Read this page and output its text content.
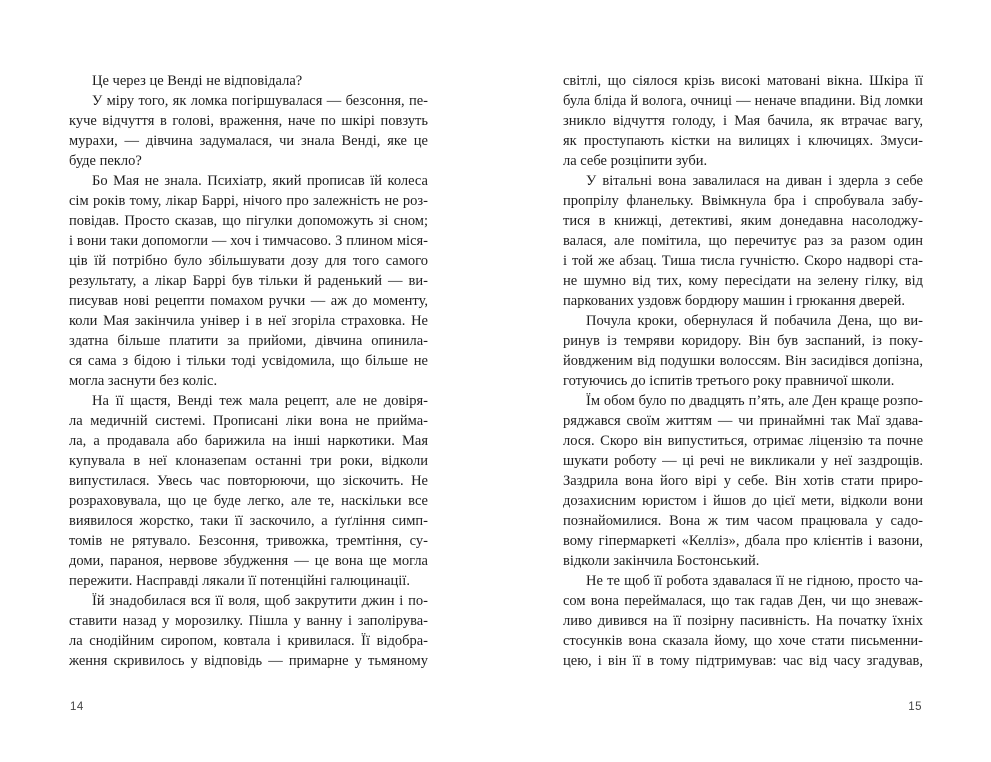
Це через це Венді не відповідала?
У міру того, як ломка погіршувалася — безсоння, пе-
куче відчуття в голові, враження, наче по шкірі повзуть
мурахи, — дівчина задумалася, чи знала Венді, яке це
буде пекло?
Бо Мая не знала. Психіатр, який прописав їй колеса
сім років тому, лікар Баррі, нічого про залежність не роз-
повідав. Просто сказав, що пігулки допоможуть зі сном;
і вони таки допомогли — хоч і тимчасово. З плином міся-
ців їй потрібно було збільшувати дозу для того самого
результату, а лікар Баррі був тільки й раденький — ви-
писував нові рецепти помахом ручки — аж до моменту,
коли Мая закінчила універ і в неї згоріла страховка. Не
здатна більше платити за прийоми, дівчина опинила-
ся сама з бідою і тільки тоді усвідомила, що більше не
могла заснути без коліс.
На її щастя, Венді теж мала рецепт, але не довіря-
ла медичній системі. Прописані ліки вона не прийма-
ла, а продавала або барижила на інші наркотики. Мая
купувала в неї клоназепам останні три роки, відколи
випустилася. Увесь час повторюючи, що зіскочить. Не
розраховувала, що це буде легко, але те, наскільки все
виявилося жорстко, таки її заскочило, а ґуґління симп-
томів не рятувало. Безсоння, тривожка, тремтіння, су-
доми, параноя, нервове збудження — це вона ще могла
пережити. Насправді лякали її потенційні галюцинації.
Їй знадобилася вся її воля, щоб закрутити джин і по-
ставити назад у морозилку. Пішла у ванну і заполірува-
ла снодійним сиропом, ковтала і кривилася. Її відобра-
ження скривилось у відповідь — примарне у тьмяному
14
світлі, що сіялося крізь високі матовані вікна. Шкіра її
була бліда й волога, очниці — неначе впадини. Від ломки
зникло відчуття голоду, і Мая бачила, як втрачає вагу,
як проступають кістки на вилицях і ключицях. Змуси-
ла себе розціпити зуби.
У вітальні вона завалилася на диван і здерла з себе
пропрілу фланельку. Ввімкнула бра і спробувала забу-
тися в книжці, детективі, яким донедавна насолоджу-
валася, але помітила, що перечитує раз за разом один
і той же абзац. Тиша тисла гучністю. Скоро надворі ста-
не шумно від тих, кому пересідати на зелену гілку, від
паркованих уздовж бордюру машин і грюкання дверей.
Почула кроки, обернулася й побачила Дена, що ви-
ринув із темряви коридору. Він був заспаний, із поку-
йовдженим від подушки волоссям. Він засидівся допізна,
готуючись до іспитів третього року правничої школи.
Їм обом було по двадцять п’ять, але Ден краще розпо-
ряджався своїм життям — чи принаймні так Маї здава-
лося. Скоро він випуститься, отримає ліцензію та почне
шукати роботу — ці речі не викликали у неї заздрощів.
Заздрила вона його вірі у себе. Він хотів стати приро-
дозахисним юристом і йшов до цієї мети, відколи вони
познайомилися. Вона ж тим часом працювала у садо-
вому гіпермаркеті «Келліз», дбала про клієнтів і вазони,
відколи закінчила Бостонський.
Не те щоб її робота здавалася її не гідною, просто ча-
сом вона переймалася, що так гадав Ден, чи що зневаж-
ливо дивився на її позірну пасивність. На початку їхніх
стосунків вона сказала йому, що хоче стати письменни-
цею, і він її в тому підтримував: час від часу згадував,
15
